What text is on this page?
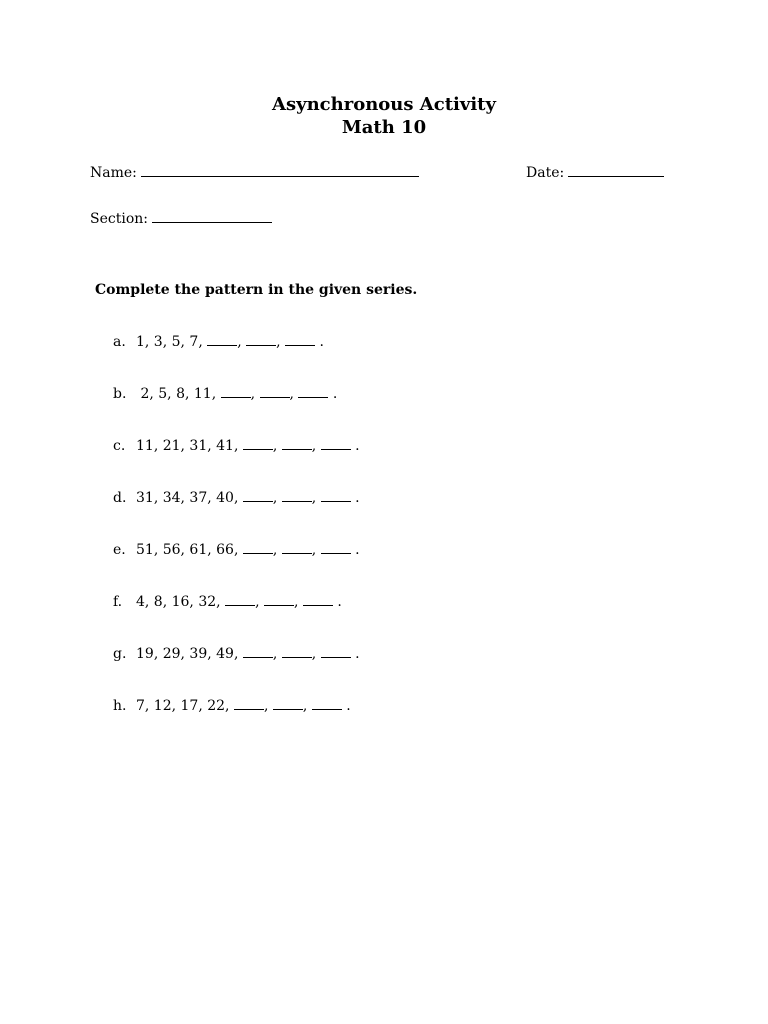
Asynchronous Activity
Math 10
Name:	Date:
Section:
Complete the pattern in the given series.
a. 1, 3, 5, 7, , ,  .
b. 2, 5, 8, 11, , ,  .
c. 11, 21, 31, 41, , ,  .
d. 31, 34, 37, 40, , ,  .
e. 51, 56, 61, 66, , ,  .
f. 4, 8, 16, 32, , ,  .
g. 19, 29, 39, 49, , ,  .
h. 7, 12, 17, 22, , ,  .
